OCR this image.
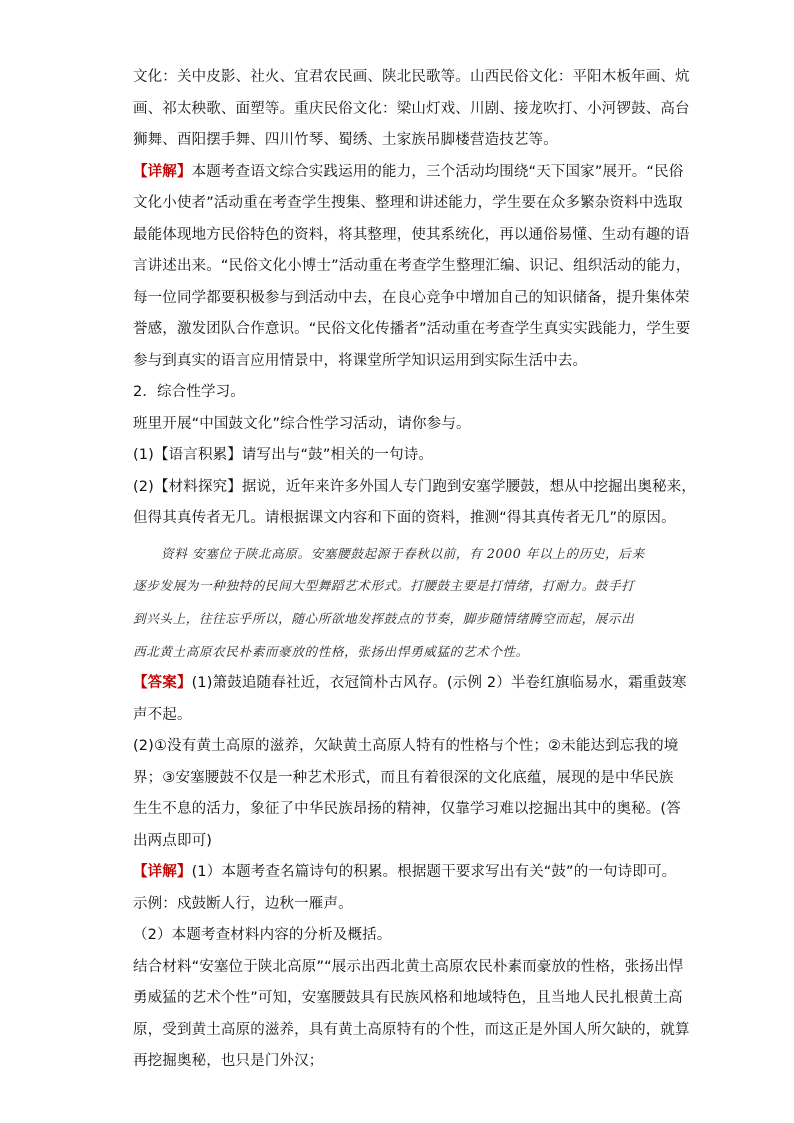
文化：关中皮影、社火、宜君农民画、陕北民歌等。山西民俗文化：平阳木板年画、炕
画、祁太秧歌、面塑等。重庆民俗文化：梁山灯戏、川剧、接龙吹打、小河锣鼓、高台
狮舞、酉阳摆手舞、四川竹琴、蜀绣、土家族吊脚楼营造技艺等。
【详解】本题考查语文综合实践运用的能力，三个活动均围绕“天下国家”展开。“民俗
文化小使者”活动重在考查学生搜集、整理和讲述能力，学生要在众多繁杂资料中选取
最能体现地方民俗特色的资料，将其整理，使其系统化，再以通俗易懂、生动有趣的语
言讲述出来。“民俗文化小博士”活动重在考查学生整理汇编、识记、组织活动的能力，
每一位同学都要积极参与到活动中去，在良心竞争中增加自己的知识储备，提升集体荣
誉感，激发团队合作意识。“民俗文化传播者”活动重在考查学生真实实践能力，学生要
参与到真实的语言应用情景中，将课堂所学知识运用到实际生活中去。
2．综合性学习。
班里开展“中国鼓文化”综合性学习活动，请你参与。
(1)【语言积累】请写出与“鼓”相关的一句诗。
(2)【材料探究】据说，近年来许多外国人专门跑到安塞学腰鼓，想从中挖掘出奥秘来，
但得其真传者无几。请根据课文内容和下面的资料，推测“得其真传者无几”的原因。
资料 安塞位于陕北高原。安塞腰鼓起源于春秋以前，有 2000 年以上的历史，后来
逐步发展为一种独特的民间大型舞蹈艺术形式。打腰鼓主要是打情绪，打耐力。鼓手打
到兴头上，往往忘乎所以，随心所欲地发挥鼓点的节奏，脚步随情绪腾空而起，展示出
西北黄土高原农民朴素而豪放的性格，张扬出悍勇威猛的艺术个性。
【答案】(1)箫鼓追随春社近，衣冠简朴古风存。(示例 2）半卷红旗临易水，霜重鼓寒
声不起。
(2)①没有黄土高原的滋养，欠缺黄土高原人特有的性格与个性；②未能达到忘我的境
界；③安塞腰鼓不仅是一种艺术形式，而且有着很深的文化底蕴，展现的是中华民族
生生不息的活力，象征了中华民族昂扬的精神，仅靠学习难以挖掘出其中的奥秘。(答
出两点即可)
【详解】(1）本题考查名篇诗句的积累。根据题干要求写出有关“鼓”的一句诗即可。
示例：戍鼓断人行，边秋一雁声。
（2）本题考查材料内容的分析及概括。
结合材料“安塞位于陕北高原”“展示出西北黄土高原农民朴素而豪放的性格，张扬出悍
勇威猛的艺术个性”可知，安塞腰鼓具有民族风格和地域特色，且当地人民扎根黄土高
原，受到黄土高原的滋养，具有黄土高原特有的个性，而这正是外国人所欠缺的，就算
再挖掘奥秘，也只是门外汉；
